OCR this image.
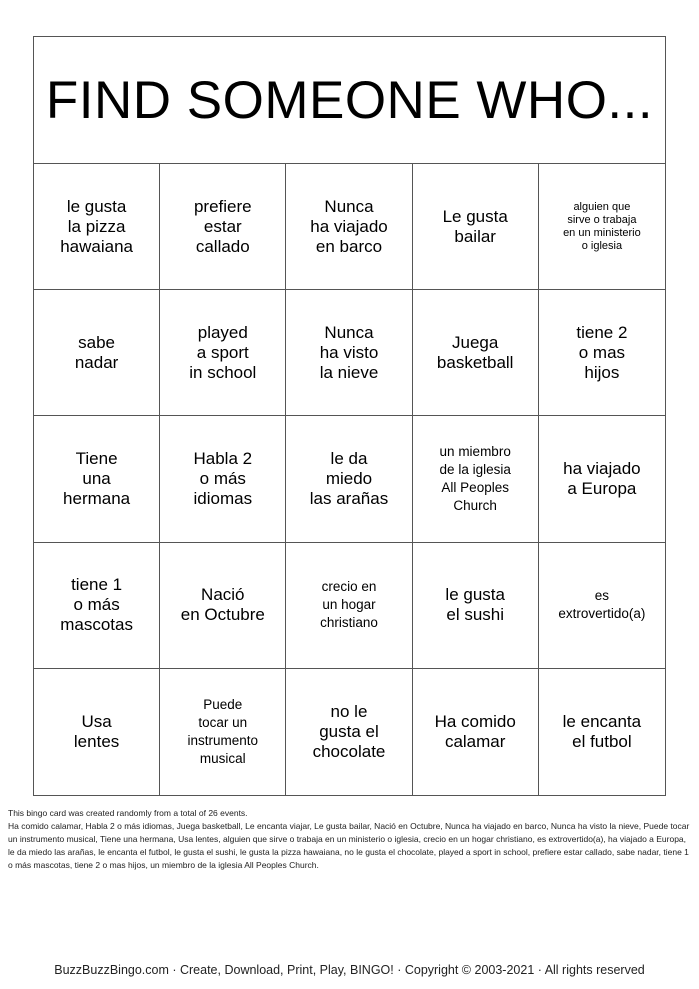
FIND SOMEONE WHO...
le gusta
la pizza
hawaiana
prefiere
estar
callado
Nunca
ha viajado
en barco
Le gusta
bailar
alguien que
sirve o trabaja
en un ministerio
o iglesia
sabe
nadar
played
a sport
in school
Nunca
ha visto
la nieve
Juega
basketball
tiene 2
o mas
hijos
Tiene
una
hermana
Habla 2
o más
idiomas
le da
miedo
las arañas
un miembro
de la iglesia
All Peoples
Church
ha viajado
a Europa
tiene 1
o más
mascotas
Nació
en Octubre
crecio en
un hogar
christiano
le gusta
el sushi
es
extrovertido(a)
Usa
lentes
Puede
tocar un
instrumento
musical
no le
gusta el
chocolate
Ha comido
calamar
le encanta
el futbol

This bingo card was created randomly from a total of 26 events.

Ha comido calamar, Habla 2 o más idiomas, Juega basketball, Le encanta viajar, Le gusta bailar, Nació en Octubre, Nunca ha viajado en barco, Nunca ha visto la nieve, Puede tocar un instrumento musical, Tiene una hermana, Usa lentes, alguien que sirve o trabaja en un ministerio o iglesia, crecio en un hogar christiano, es extrovertido(a), ha viajado a Europa, le da miedo las arañas, le encanta el futbol, le gusta el sushi, le gusta la pizza hawaiana, no le gusta el chocolate, played a sport in school, prefiere estar callado, sabe nadar, tiene 1 o más mascotas, tiene 2 o mas hijos, un miembro de la iglesia All Peoples Church.

BuzzBuzzBingo.com · Create, Download, Print, Play, BINGO! · Copyright © 2003-2021 · All rights reserved
